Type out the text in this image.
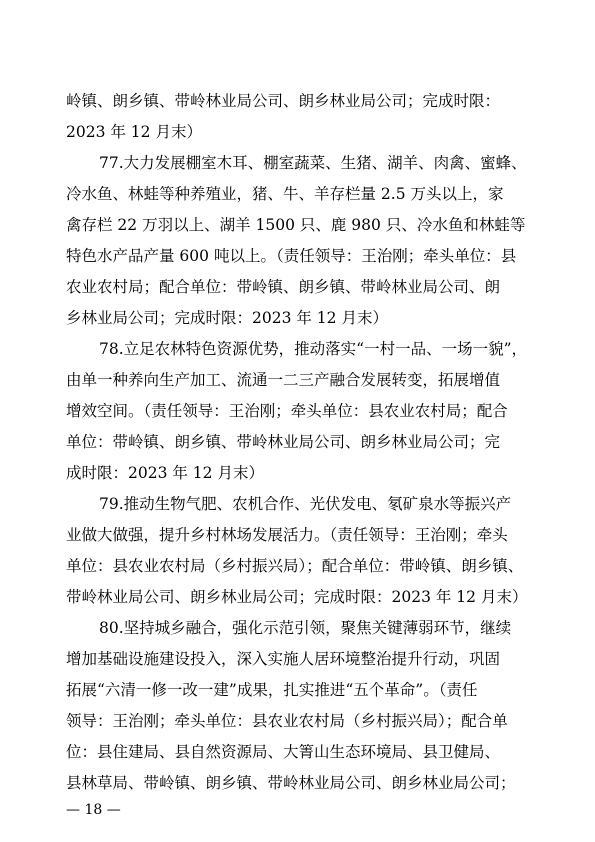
岭镇、朗乡镇、带岭林业局公司、朗乡林业局公司；完成时限：
2023 年 12 月末）
77.大力发展棚室木耳、棚室蔬菜、生猪、湖羊、肉禽、蜜蜂、
冷水鱼、林蛙等种养殖业，猪、牛、羊存栏量 2.5 万头以上，家
禽存栏 22 万羽以上、湖羊 1500 只、鹿 980 只、冷水鱼和林蛙等
特色水产品产量 600 吨以上。（责任领导：王治刚；牵头单位：县
农业农村局；配合单位：带岭镇、朗乡镇、带岭林业局公司、朗
乡林业局公司；完成时限：2023 年 12 月末）
78.立足农林特色资源优势，推动落实“一村一品、一场一貌”，
由单一种养向生产加工、流通一二三产融合发展转变，拓展增值
增效空间。（责任领导：王治刚；牵头单位：县农业农村局；配合
单位：带岭镇、朗乡镇、带岭林业局公司、朗乡林业局公司；完
成时限：2023 年 12 月末）
79.推动生物气肥、农机合作、光伏发电、氡矿泉水等振兴产
业做大做强，提升乡村林场发展活力。（责任领导：王治刚；牵头
单位：县农业农村局（乡村振兴局）；配合单位：带岭镇、朗乡镇、
带岭林业局公司、朗乡林业局公司；完成时限：2023 年 12 月末）
80.坚持城乡融合，强化示范引领，聚焦关键薄弱环节，继续
增加基础设施建设投入，深入实施人居环境整治提升行动，巩固
拓展“六清一修一改一建”成果，扎实推进“五个革命”。（责任
领导：王治刚；牵头单位：县农业农村局（乡村振兴局）；配合单
位：县住建局、县自然资源局、大箐山生态环境局、县卫健局、
县林草局、带岭镇、朗乡镇、带岭林业局公司、朗乡林业局公司；
— 18 —
